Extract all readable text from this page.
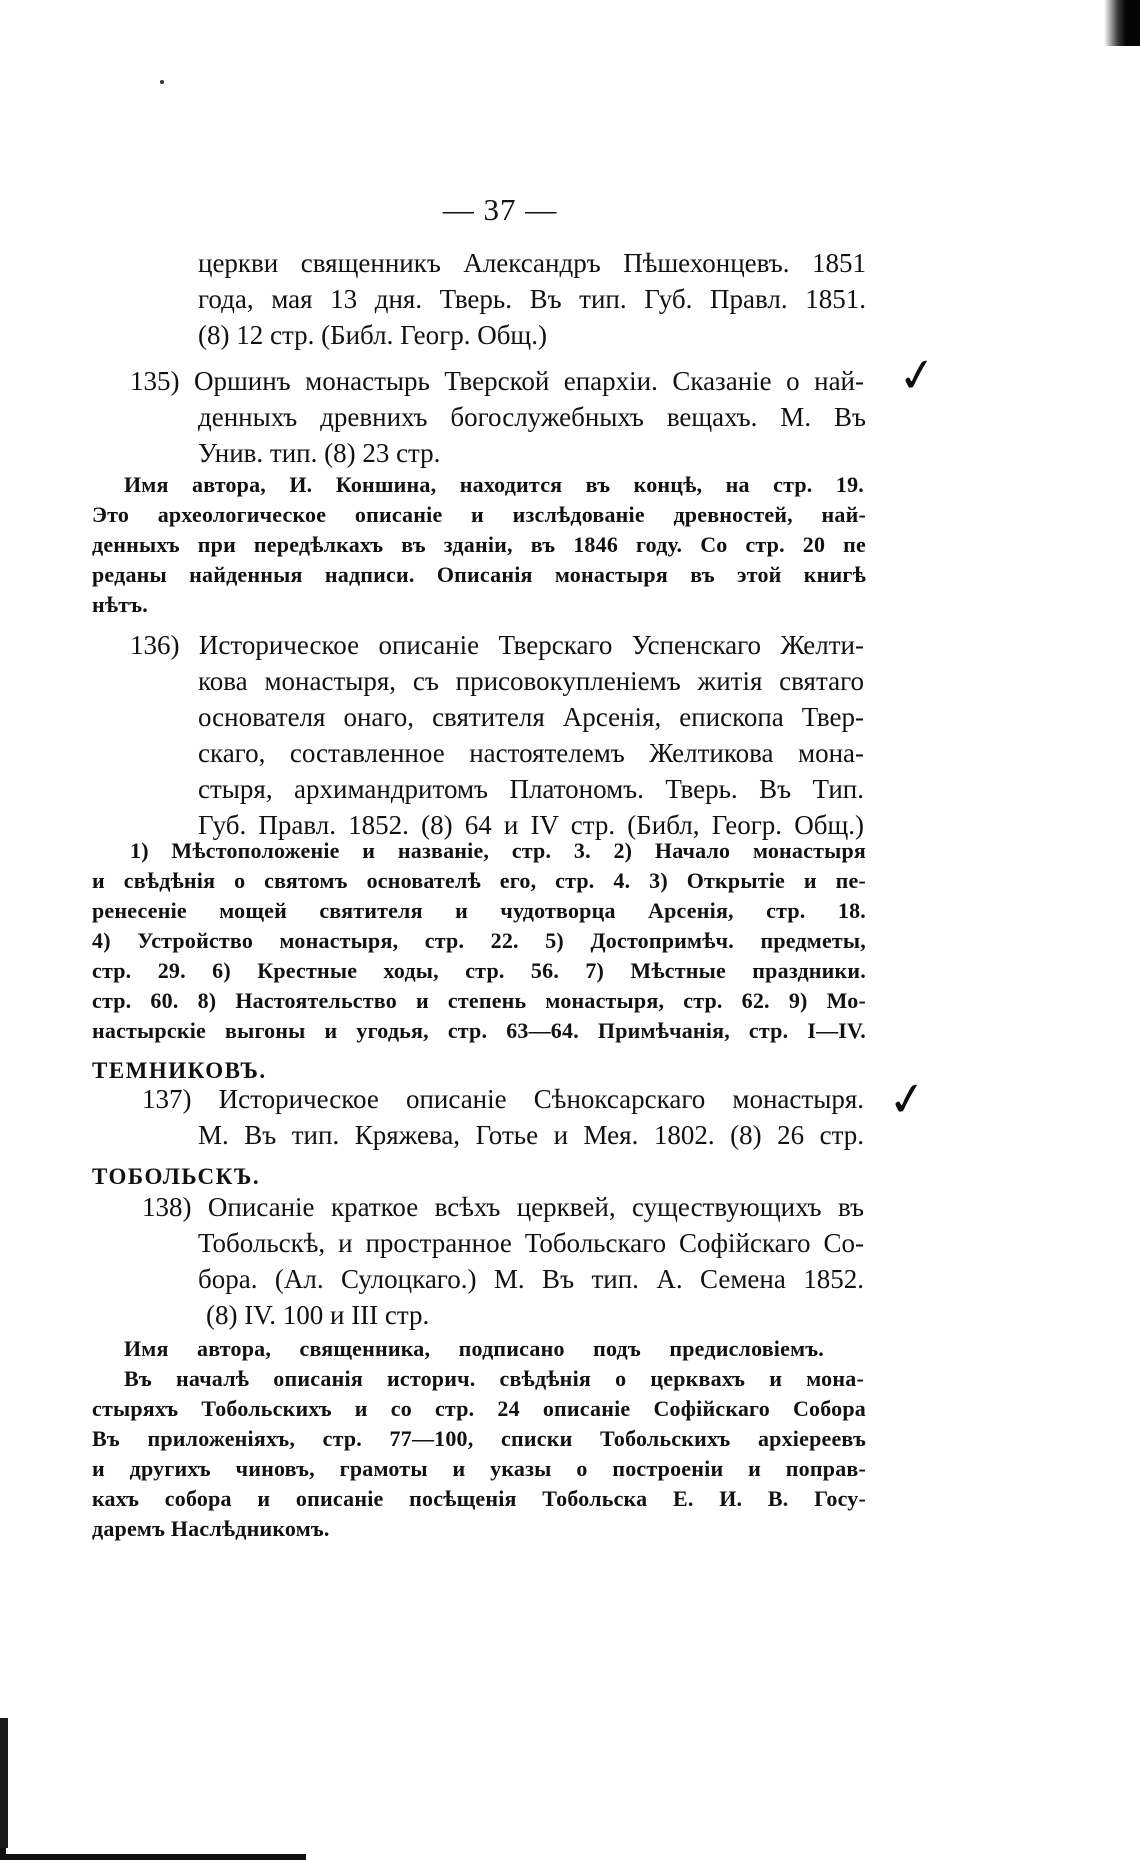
— 37 —
церкви священникъ Александръ Пѣшехонцевъ. 1851
года, мая 13 дня. Тверь. Въ тип. Губ. Правл. 1851.
(8) 12 стр. (Библ. Геогр. Общ.)
135) Оршинъ монастырь Тверской епархіи. Сказаніе о най-
денныхъ древнихъ богослужебныхъ вещахъ. М. Въ
Унив. тип. (8) 23 стр.
Имя автора, И. Коншина, находится въ концѣ, на стр. 19.
Это археологическое описаніе и изслѣдованіе древностей, най-
денныхъ при передѣлкахъ въ зданіи, въ 1846 году. Со стр. 20 пе
реданы найденныя надписи. Описанія монастыря въ этой книгѣ
нѣтъ.
136) Историческое описаніе Тверскаго Успенскаго Желти-
кова монастыря, съ присовокупленіемъ житія святаго
основателя онаго, святителя Арсенія, епископа Твер-
скаго, составленное настоятелемъ Желтикова мона-
стыря, архимандритомъ Платономъ. Тверь. Въ Тип.
Губ. Правл. 1852. (8) 64 и IV стр. (Библ, Геогр. Общ.)
1) Мѣстоположеніе и названіе, стр. 3. 2) Начало монастыря
и свѣдѣнія о святомъ основателѣ его, стр. 4. 3) Открытіе и пе-
ренесеніе мощей святителя и чудотворца Арсенія, стр. 18.
4) Устройство монастыря, стр. 22. 5) Достопримѣч. предметы,
стр. 29. 6) Крестные ходы, стр. 56. 7) Мѣстные праздники.
стр. 60. 8) Настоятельство и степень монастыря, стр. 62. 9) Мо-
настырскіе выгоны и угодья, стр. 63—64. Примѣчанія, стр. I—IV.
ТЕМНИКОВЪ.
137) Историческое описаніе Сѣноксарскаго монастыря.
М. Въ тип. Кряжева, Готье и Мея. 1802. (8) 26 стр.
ТОБОЛЬСКЪ.
138) Описаніе краткое всѣхъ церквей, существующихъ въ
Тобольскѣ, и пространное Тобольскаго Софійскаго Со-
бора. (Ал. Сулоцкаго.) М. Въ тип. А. Семена 1852.
(8) IV. 100 и III стр.
Имя автора, священника, подписано подъ предисловіемъ.
Въ началѣ описанія историч. свѣдѣнія о церквахъ и мона-
стыряхъ Тобольскихъ и со стр. 24 описаніе Софійскаго Собора
Въ приложеніяхъ, стр. 77—100, списки Тобольскихъ архіереевъ
и другихъ чиновъ, грамоты и указы о построеніи и поправ-
кахъ собора и описаніе посѣщенія Тобольска Е. И. В. Госу-
даремъ Наслѣдникомъ.
✓
✓
